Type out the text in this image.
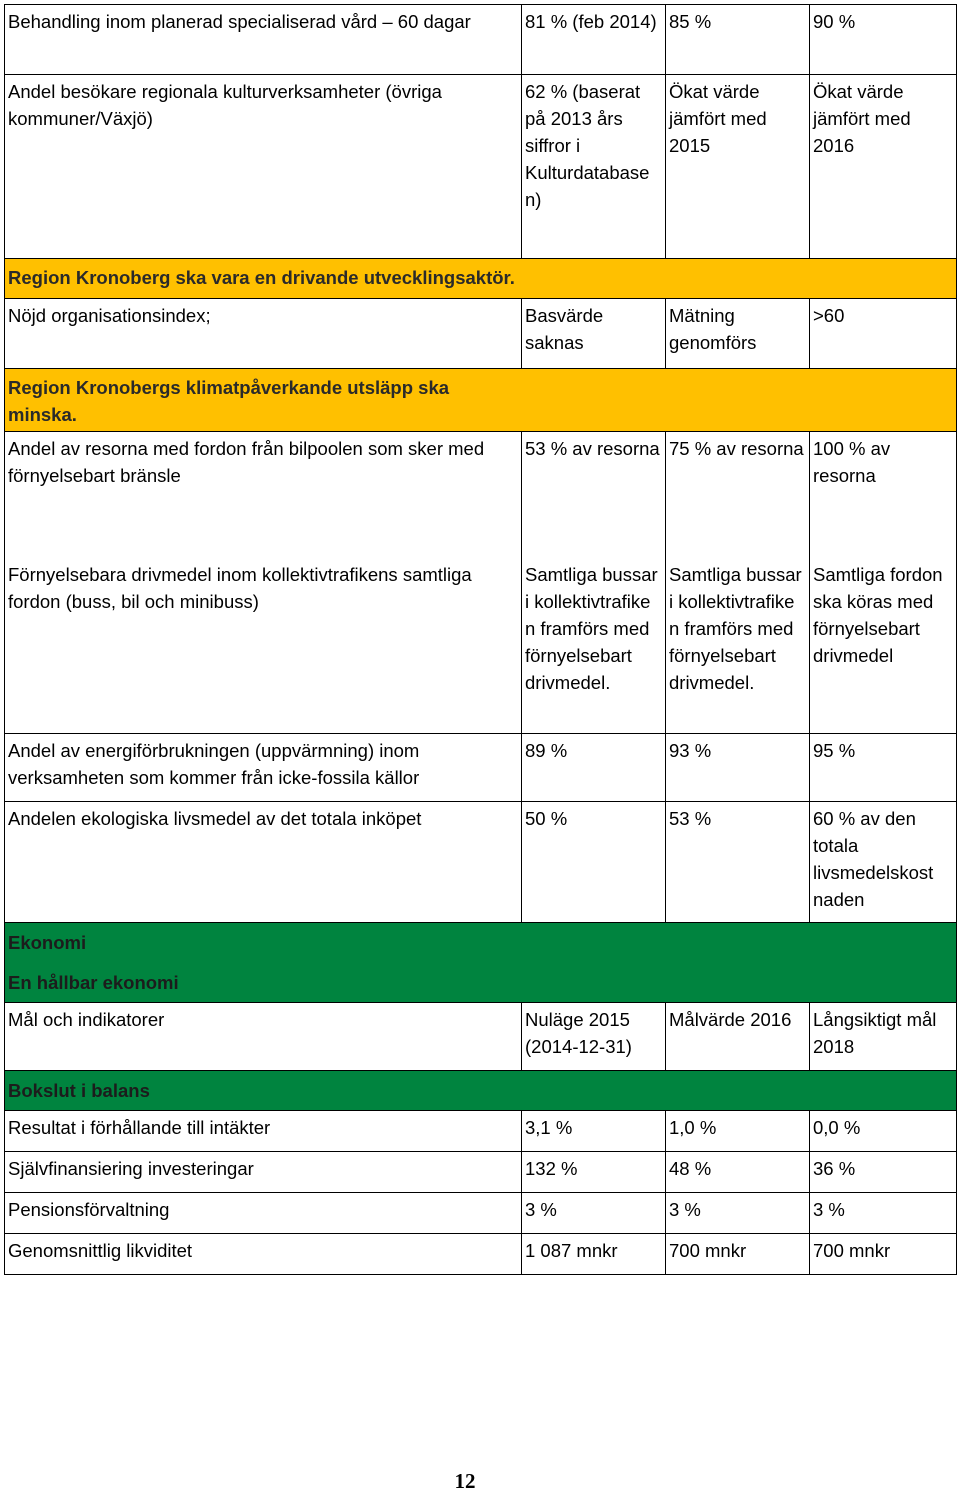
Behandling inom planerad specialiserad vård – 60 dagar	81 % (feb 2014)	85 %	90 %
Andel besökare regionala kulturverksamheter (övriga kommuner/Växjö)	62 % (baserat på 2013 års siffror i Kulturdatabase n)	Ökat värde jämfört med 2015	Ökat värde jämfört med 2016
Region Kronoberg ska vara en drivande utvecklingsaktör.			
Nöjd organisationsindex;	Basvärde saknas	Mätning genomförs	>60
Region Kronobergs klimatpåverkande utsläpp ska minska.			
Andel av resorna med fordon från bilpoolen som sker med förnyelsebart bränsle	53 % av resorna	75 % av resorna	100 % av resorna
Förnyelsebara drivmedel inom kollektivtrafikens samtliga fordon (buss, bil och minibuss)	Samtliga bussar i kollektivtrafike n framförs med förnyelsebart drivmedel.	Samtliga bussar i kollektivtrafike n framförs med förnyelsebart drivmedel.	Samtliga fordon ska köras med förnyelsebart drivmedel
Andel av energiförbrukningen (uppvärmning) inom verksamheten som kommer från icke-fossila källor	89 %	93 %	95 %
Andelen ekologiska livsmedel av det totala inköpet	50 %	53 %	60 % av den totala livsmedelskost naden
Ekonomi			
En hållbar ekonomi			
Mål och indikatorer	Nuläge 2015 (2014-12-31)	Målvärde 2016	Långsiktigt mål 2018
Bokslut i balans			
Resultat i förhållande till intäkter	3,1 %	1,0 %	0,0 %
Självfinansiering investeringar	132 %	48 %	36 %
Pensionsförvaltning	3 %	3 %	3 %
Genomsnittlig likviditet	1 087 mnkr	700 mnkr	700 mnkr
12
